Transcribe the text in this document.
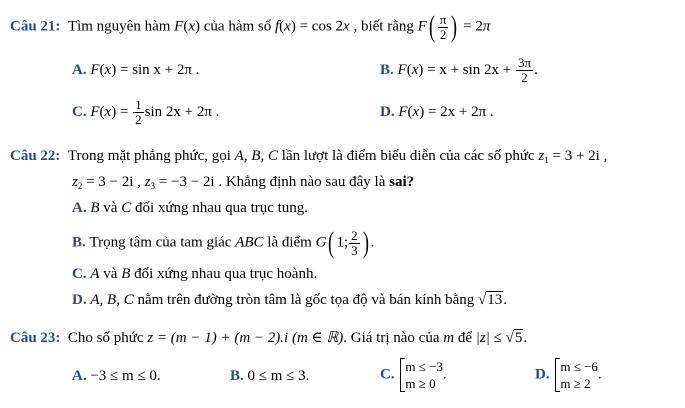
Câu 21: Tìm nguyên hàm F(x) của hàm số f(x) = cos 2x , biết rằng $F( \frac{\pi}{2}$ ) = 2π
A. F(x) = sin x + 2π .	B. $F(x) = x + \sin 2x + \frac{3\pi}{2}$ .
C. $F(x) = \frac{1}{2}$ sin 2x + 2π .	D. F(x) = 2x + 2π .
Câu 22: Trong mặt phẳng phức, gọi A, B, C lần lượt là điểm biểu diễn của các số phức $z_1 = 3 + 2i$ ,
$z_2 = 3 - 2i$ , $z_3 = -3 - 2i$ . Khẳng định nào sau đây là sai?
A. B và C đối xứng nhau qua trục tung.
B. Trọng tâm của tam giác ABC là điểm G( 1; $\frac{2}{3}$ ) .
C. A và B đối xứng nhau qua trục hoành.
D. A, B, C nằm trên đường tròn tâm là gốc tọa độ và bán kính bằng √13.
Câu 23: Cho số phức z = (m − 1) + (m − 2).i (m ∈ ℝ). Giá trị nào của m để |z| ≤ √5.
A. −3 ≤ m ≤ 0.	B. 0 ≤ m ≤ 3.	C. m ≤ −3
m ≥ 0
.	D. m ≤ −6
m ≥ 2
.
